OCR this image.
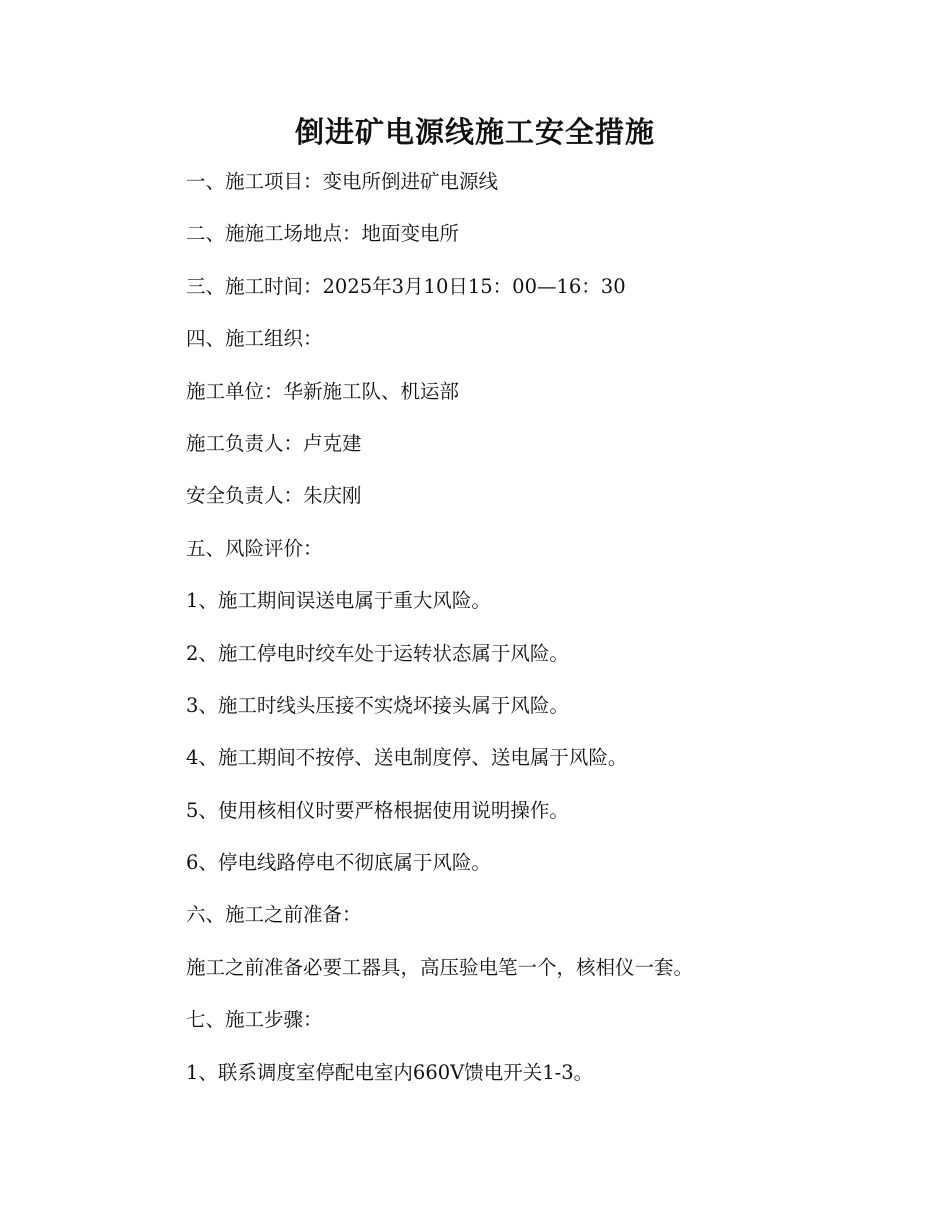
倒进矿电源线施工安全措施
一、施工项目：变电所倒进矿电源线
二、施施工场地点：地面变电所
三、施工时间：2025年3月10日15：00—16：30
四、施工组织：
施工单位：华新施工队、机运部
施工负责人：卢克建
安全负责人：朱庆刚
五、风险评价：
1、施工期间误送电属于重大风险。
2、施工停电时绞车处于运转状态属于风险。
3、施工时线头压接不实烧坏接头属于风险。
4、施工期间不按停、送电制度停、送电属于风险。
5、使用核相仪时要严格根据使用说明操作。
6、停电线路停电不彻底属于风险。
六、施工之前准备：
施工之前准备必要工器具，高压验电笔一个，核相仪一套。
七、施工步骤：
1、联系调度室停配电室内660V馈电开关1-3。
